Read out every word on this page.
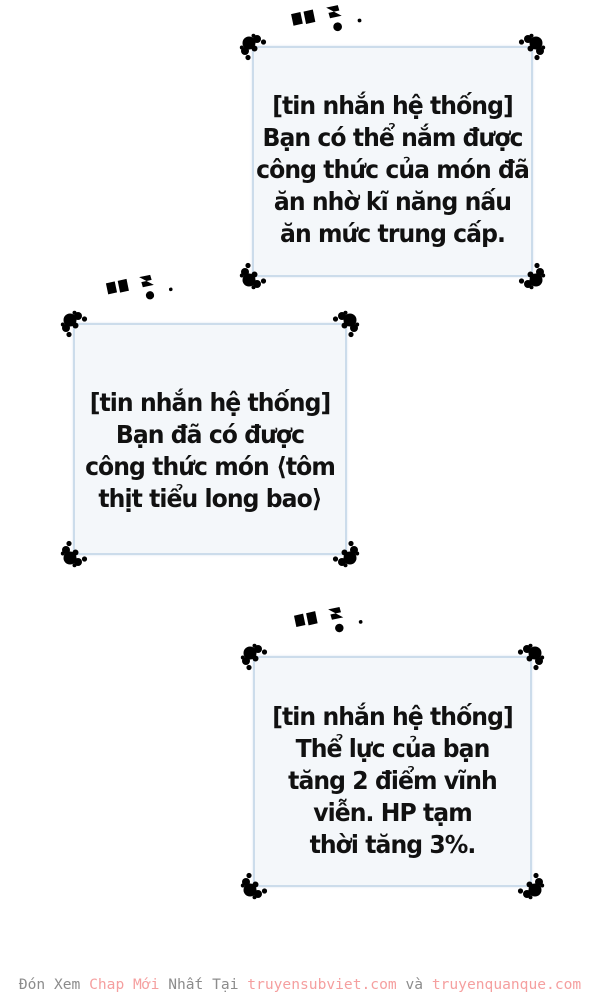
[tin nhắn hệ thống]
Bạn có thể nắm được
công thức của món đã
ăn nhờ kĩ năng nấu
ăn mức trung cấp.
[tin nhắn hệ thống]
Bạn đã có được
công thức món ⟨tôm
thịt tiểu long bao⟩
[tin nhắn hệ thống]
Thể lực của bạn
tăng 2 điểm vĩnh
viễn. HP tạm
thời tăng 3%.
Đón Xem Chap Mới Nhất Tại truyensubviet.com và truyenquanque.com
